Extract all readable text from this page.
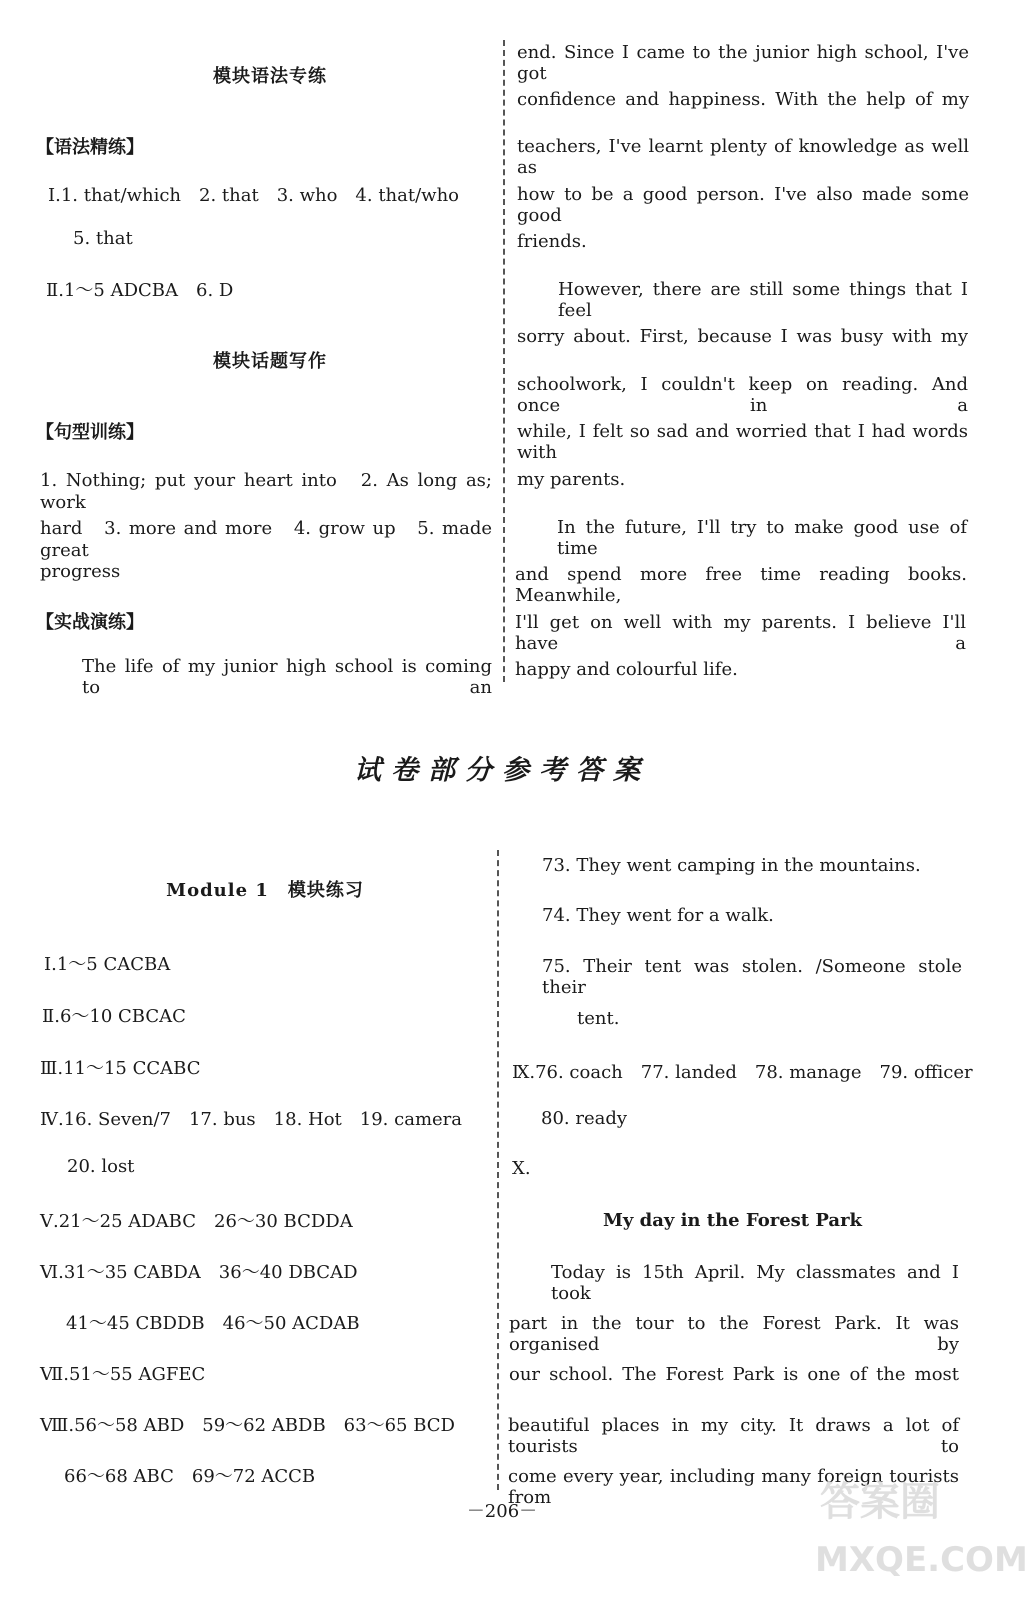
模块语法专练
【语法精练】
Ⅰ.1. that/which　2. that　3. who　4. that/who
5. that
Ⅱ.1～5 ADCBA　6. D
模块话题写作
【句型训练】
1. Nothing; put your heart into　2. As long as; work
hard　3. more and more　4. grow up　5. made great
progress
【实战演练】
The life of my junior high school is coming to an
end. Since I came to the junior high school, I've got
confidence and happiness. With the help of my
teachers, I've learnt plenty of knowledge as well as
how to be a good person. I've also made some good
friends.
However, there are still some things that I feel
sorry about. First, because I was busy with my
schoolwork, I couldn't keep on reading. And once in a
while, I felt so sad and worried that I had words with
my parents.
In the future, I'll try to make good use of time
and spend more free time reading books. Meanwhile,
I'll get on well with my parents. I believe I'll have a
happy and colourful life.
试卷部分参考答案
Module 1　模块练习
Ⅰ.1～5 CACBA
Ⅱ.6～10 CBCAC
Ⅲ.11～15 CCABC
Ⅳ.16. Seven/7　17. bus　18. Hot　19. camera
20. lost
Ⅴ.21～25 ADABC　26～30 BCDDA
Ⅵ.31～35 CABDA　36～40 DBCAD
41～45 CBDDB　46～50 ACDAB
Ⅶ.51～55 AGFEC
Ⅷ.56～58 ABD　59～62 ABDB　63～65 BCD
66～68 ABC　69～72 ACCB
73. They went camping in the mountains.
74. They went for a walk.
75. Their tent was stolen. /Someone stole their
tent.
Ⅸ.76. coach　77. landed　78. manage　79. officer
80. ready
Ⅹ.
My day in the Forest Park
Today is 15th April. My classmates and I took
part in the tour to the Forest Park. It was organised by
our school. The Forest Park is one of the most
beautiful places in my city. It draws a lot of tourists to
come every year, including many foreign tourists from
－206－	答案圈
MXQE.COM
